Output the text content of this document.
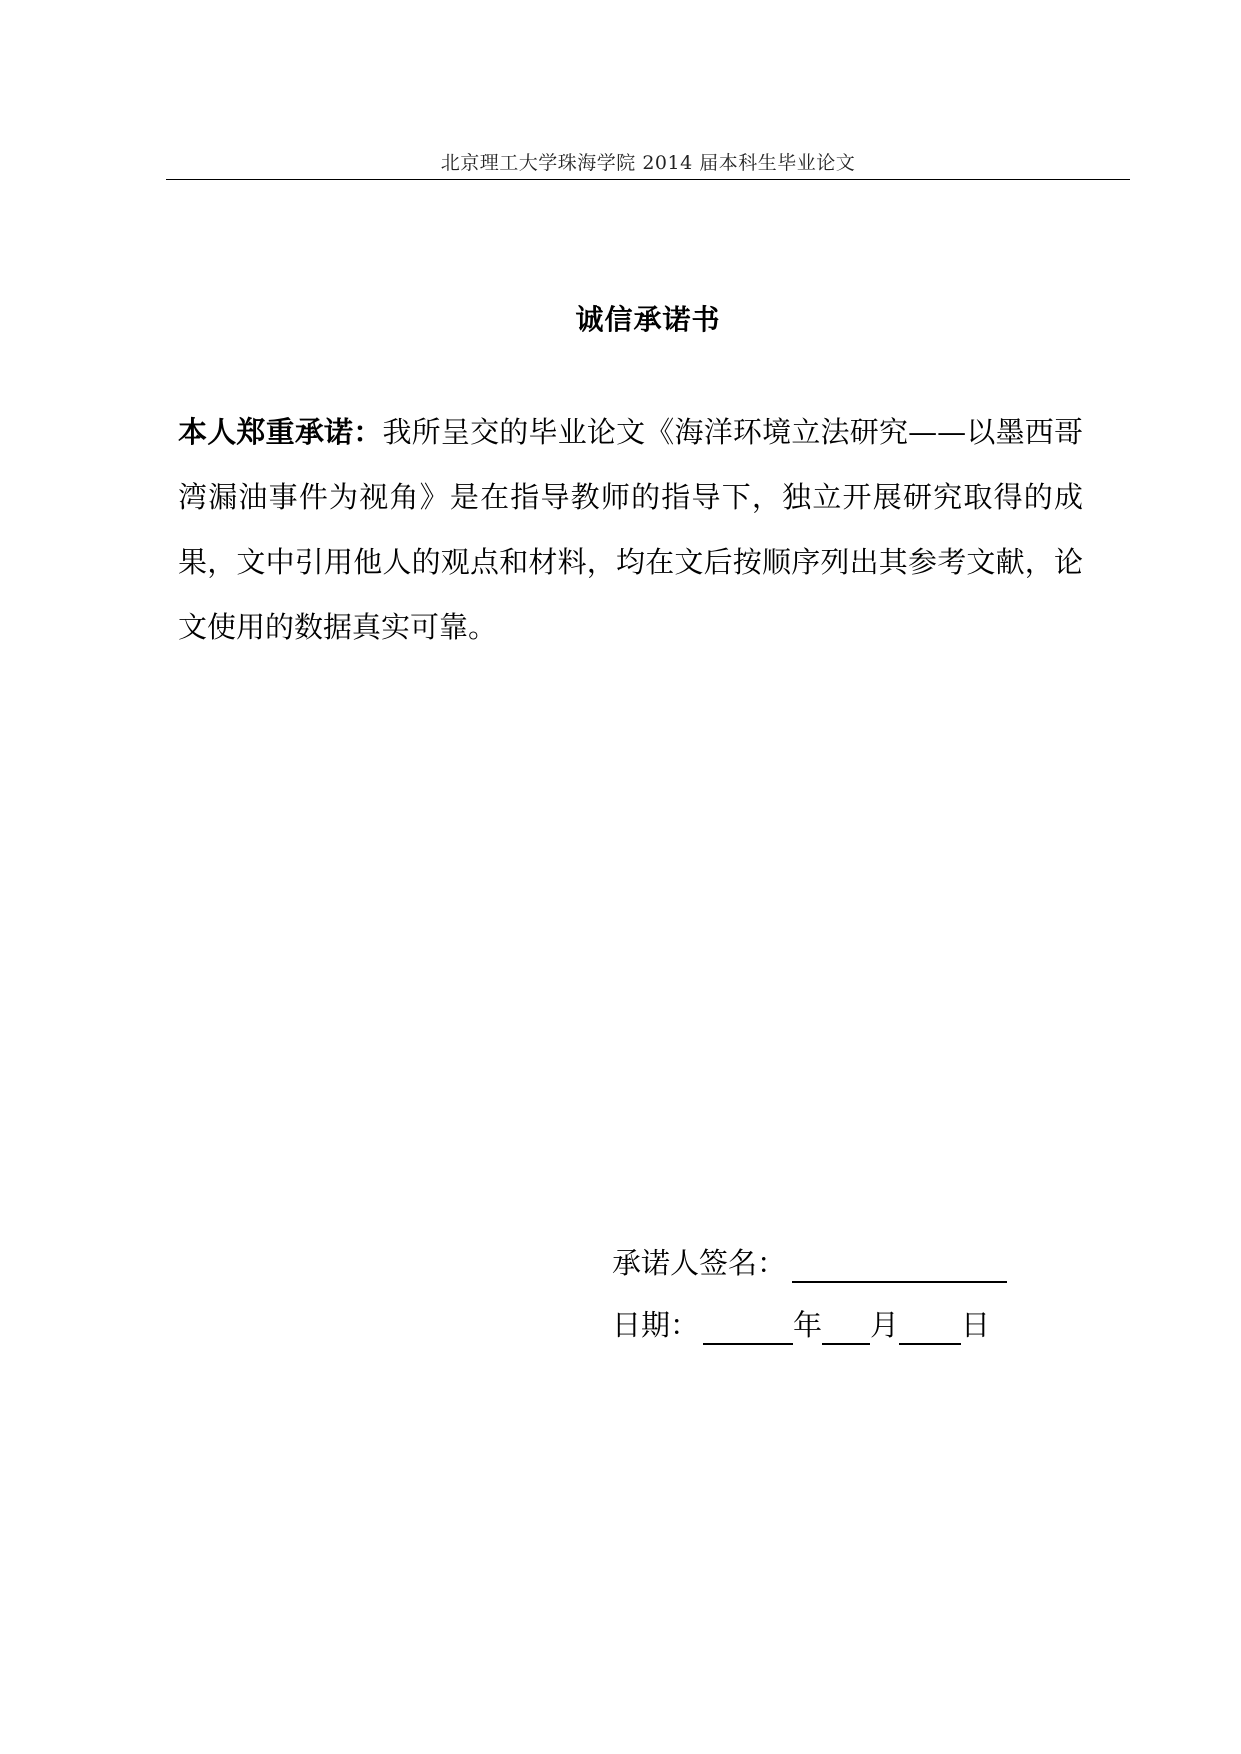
北京理工大学珠海学院 2014 届本科生毕业论文
诚信承诺书
本人郑重承诺：我所呈交的毕业论文《海洋环境立法研究——以墨西哥湾漏油事件为视角》是在指导教师的指导下，独立开展研究取得的成果，文中引用他人的观点和材料，均在文后按顺序列出其参考文献，论文使用的数据真实可靠。
承诺人签名：
日期：	年 月 日
